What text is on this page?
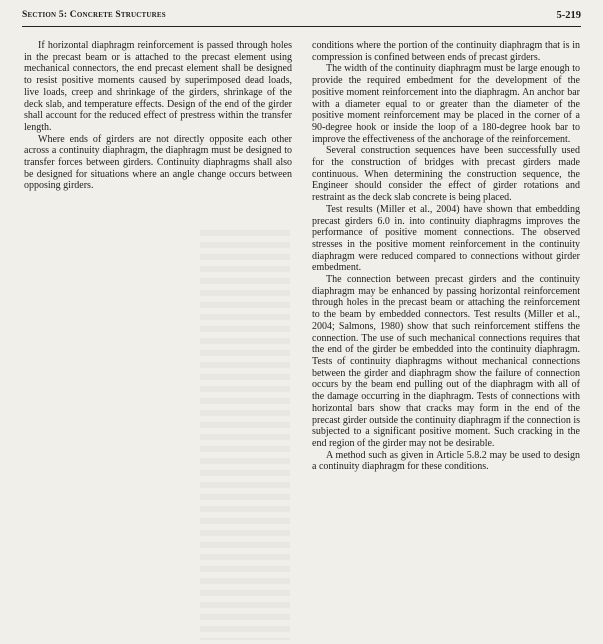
Section 5: Concrete Structures	5-219

If horizontal diaphragm reinforcement is passed through holes in the precast beam or is attached to the precast element using mechanical connectors, the end precast element shall be designed to resist positive moments caused by superimposed dead loads, live loads, creep and shrinkage of the girders, shrinkage of the deck slab, and temperature effects. Design of the end of the girder shall account for the reduced effect of prestress within the transfer length.

Where ends of girders are not directly opposite each other across a continuity diaphragm, the diaphragm must be designed to transfer forces between girders. Continuity diaphragms shall also be designed for situations where an angle change occurs between opposing girders.

conditions where the portion of the continuity diaphragm that is in compression is confined between ends of precast girders.

The width of the continuity diaphragm must be large enough to provide the required embedment for the development of the positive moment reinforcement into the diaphragm. An anchor bar with a diameter equal to or greater than the diameter of the positive moment reinforcement may be placed in the corner of a 90-degree hook or inside the loop of a 180-degree hook bar to improve the effectiveness of the anchorage of the reinforcement.

Several construction sequences have been successfully used for the construction of bridges with precast girders made continuous. When determining the construction sequence, the Engineer should consider the effect of girder rotations and restraint as the deck slab concrete is being placed.

Test results (Miller et al., 2004) have shown that embedding precast girders 6.0 in. into continuity diaphragms improves the performance of positive moment connections. The observed stresses in the positive moment reinforcement in the continuity diaphragm were reduced compared to connections without girder embedment.

The connection between precast girders and the continuity diaphragm may be enhanced by passing horizontal reinforcement through holes in the precast beam or attaching the reinforcement to the beam by embedded connectors. Test results (Miller et al., 2004; Salmons, 1980) show that such reinforcement stiffens the connection. The use of such mechanical connections requires that the end of the girder be embedded into the continuity diaphragm. Tests of continuity diaphragms without mechanical connections between the girder and diaphragm show the failure of connection occurs by the beam end pulling out of the diaphragm with all of the damage occurring in the diaphragm. Tests of connections with horizontal bars show that cracks may form in the end of the precast girder outside the continuity diaphragm if the connection is subjected to a significant positive moment. Such cracking in the end region of the girder may not be desirable.

A method such as given in Article 5.8.2 may be used to design a continuity diaphragm for these conditions.
